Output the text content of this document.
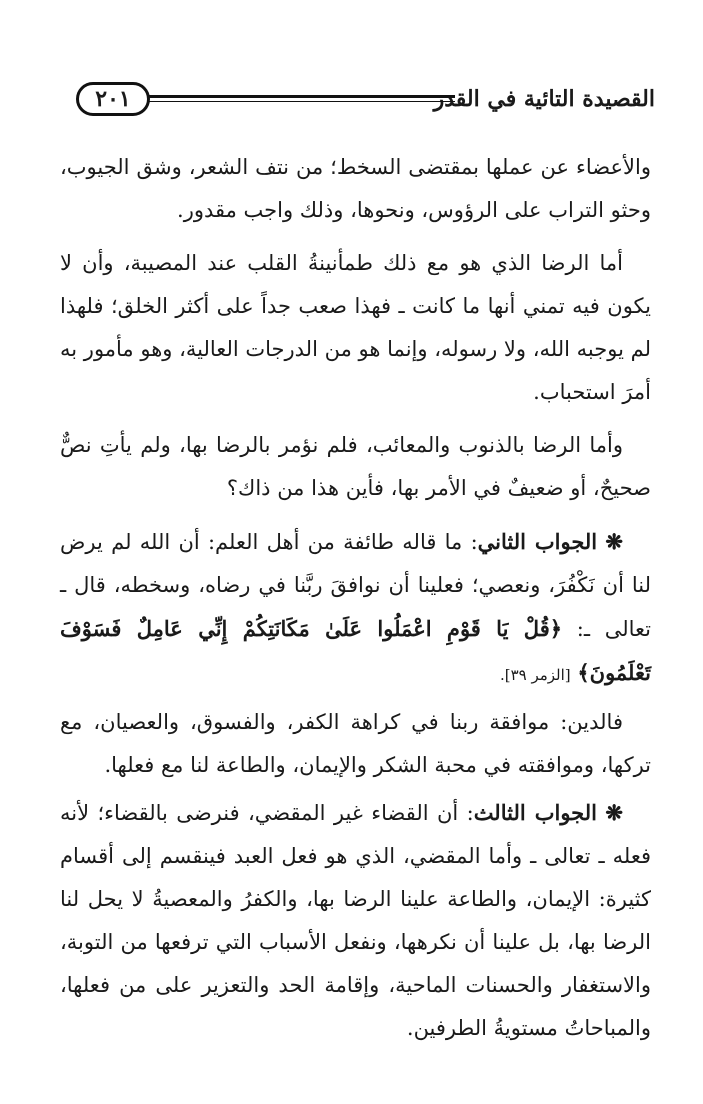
القصيدة التائية في القدر
٢٠١

والأعضاء عن عملها بمقتضى السخط؛ من نتف الشعر، وشق الجيوب، وحثو التراب على الرؤوس، ونحوها، وذلك واجب مقدور.

أما الرضا الذي هو مع ذلك طمأنينةُ القلب عند المصيبة، وأن لا يكون فيه تمني أنها ما كانت ـ فهذا صعب جداً على أكثر الخلق؛ فلهذا لم يوجبه الله، ولا رسوله، وإنما هو من الدرجات العالية، وهو مأمور به أمرَ استحباب.

وأما الرضا بالذنوب والمعائب، فلم نؤمر بالرضا بها، ولم يأتِ نصٌّ صحيحٌ، أو ضعيفٌ في الأمر بها، فأين هذا من ذاك؟

❋ الجواب الثاني: ما قاله طائفة من أهل العلم: أن الله لم يرض لنا أن نَكْفُرَ، ونعصي؛ فعلينا أن نوافقَ ربَّنا في رضاه، وسخطه، قال ـ تعالى ـ: ﴿قُلْ يَا قَوْمِ اعْمَلُوا عَلَىٰ مَكَانَتِكُمْ إِنِّي عَامِلٌ فَسَوْفَ تَعْلَمُونَ﴾ [الزمر ٣٩].

فالدين: موافقة ربنا في كراهة الكفر، والفسوق، والعصيان، مع تركها، وموافقته في محبة الشكر والإيمان، والطاعة لنا مع فعلها.

❋ الجواب الثالث: أن القضاء غير المقضي، فنرضى بالقضاء؛ لأنه فعله ـ تعالى ـ وأما المقضي، الذي هو فعل العبد فينقسم إلى أقسام كثيرة: الإيمان، والطاعة علينا الرضا بها، والكفرُ والمعصيةُ لا يحل لنا الرضا بها، بل علينا أن نكرهها، ونفعل الأسباب التي ترفعها من التوبة، والاستغفار والحسنات الماحية، وإقامة الحد والتعزير على من فعلها، والمباحاتُ مستويةُ الطرفين.
